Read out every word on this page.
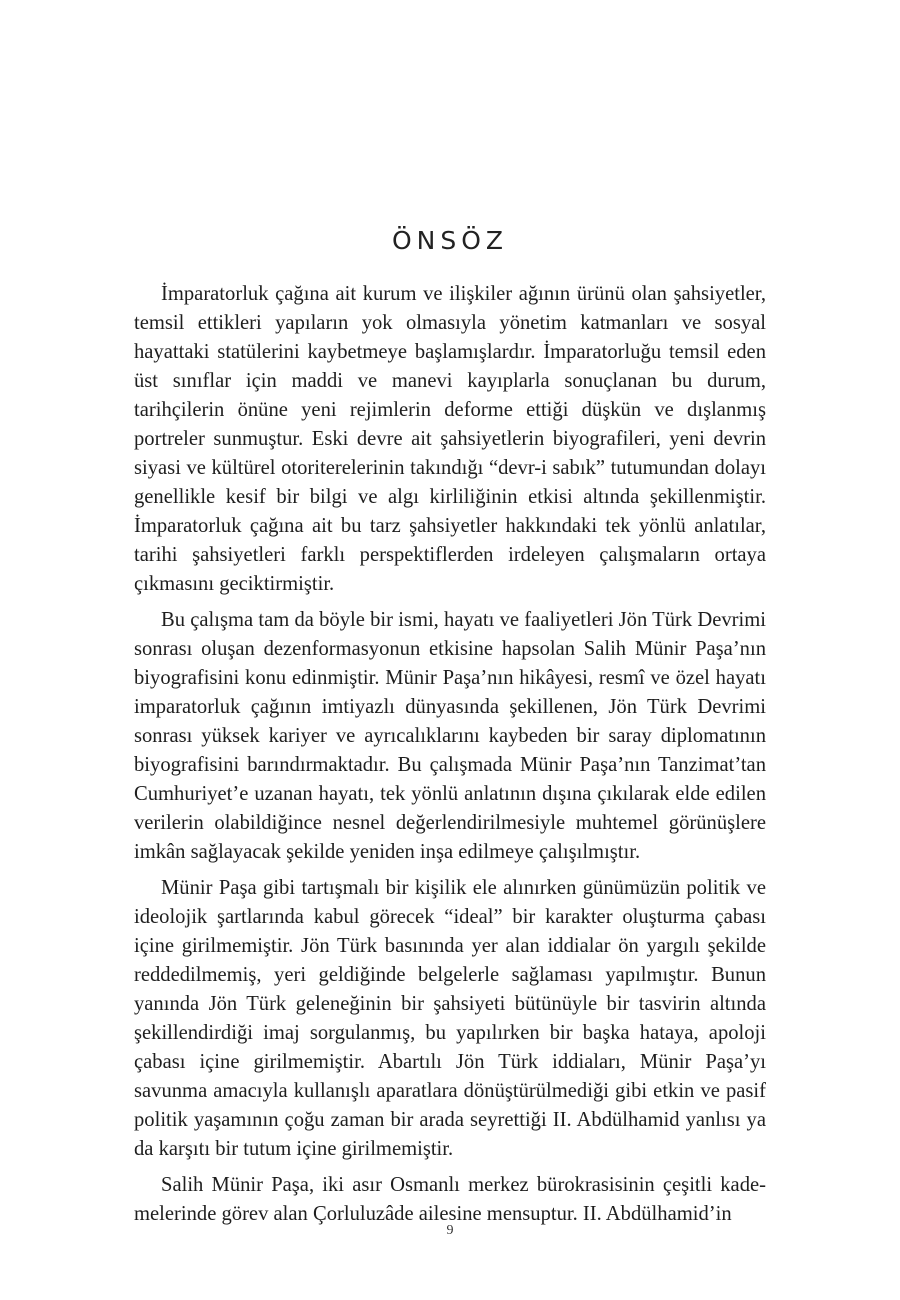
ÖNSÖZ

İmparatorluk çağına ait kurum ve ilişkiler ağının ürünü olan şahsiyetler, temsil ettikleri yapıların yok olmasıyla yönetim katmanları ve sosyal hayattaki statülerini kaybetmeye başlamışlardır. İmparatorluğu temsil eden üst sınıflar için maddi ve manevi kayıplarla sonuçlanan bu durum, tarihçilerin önüne yeni rejimlerin deforme ettiği düşkün ve dışlanmış portreler sunmuştur. Eski devre ait şahsiyetlerin biyografileri, yeni devrin siyasi ve kültürel otoriterelerinin takındığı “devr-i sabık” tutumundan dolayı genellikle kesif bir bilgi ve algı kirliliğinin etkisi altında şekillenmiştir. İmparatorluk çağına ait bu tarz şahsiyetler hakkındaki tek yönlü anlatılar, tarihi şahsiyetleri farklı perspektiflerden irdeleyen çalışmaların ortaya çıkmasını geciktirmiştir.

Bu çalışma tam da böyle bir ismi, hayatı ve faaliyetleri Jön Türk Devrimi sonrası oluşan dezenformasyonun etkisine hapsolan Salih Münir Paşa’nın biyografisini konu edinmiştir. Münir Paşa’nın hikâyesi, resmî ve özel hayatı imparatorluk çağının imtiyazlı dünyasında şekillenen, Jön Türk Devrimi sonrası yüksek kariyer ve ayrıcalıklarını kaybeden bir saray diplomatının biyografisini barındırmaktadır. Bu çalışmada Münir Paşa’nın Tanzimat’tan Cumhuriyet’e uzanan hayatı, tek yönlü anlatının dışına çıkılarak elde edilen verilerin olabildiğince nesnel değerlendirilmesiyle muhtemel görünüşlere imkân sağlayacak şekilde yeniden inşa edilmeye çalışılmıştır.

Münir Paşa gibi tartışmalı bir kişilik ele alınırken günümüzün politik ve ideolojik şartlarında kabul görecek “ideal” bir karakter oluşturma çabası içine girilmemiştir. Jön Türk basınında yer alan iddialar ön yargılı şekilde reddedilmemiş, yeri geldiğinde belgelerle sağlaması yapılmıştır. Bunun yanında Jön Türk geleneğinin bir şahsiyeti bütünüyle bir tasvirin altında şekillendirdiği imaj sorgulanmış, bu yapılırken bir başka hataya, apoloji çabası içine girilmemiştir. Abartılı Jön Türk iddiaları, Münir Paşa’yı savunma amacıyla kullanışlı aparatlara dönüştürülmediği gibi etkin ve pasif politik yaşamının çoğu zaman bir arada seyrettiği II. Abdülhamid yanlısı ya da karşıtı bir tutum içine girilmemiştir.

Salih Münir Paşa, iki asır Osmanlı merkez bürokrasisinin çeşitli kademelerinde görev alan Çorluluzâde ailesine mensuptur. II. Abdülhamid’in

9
